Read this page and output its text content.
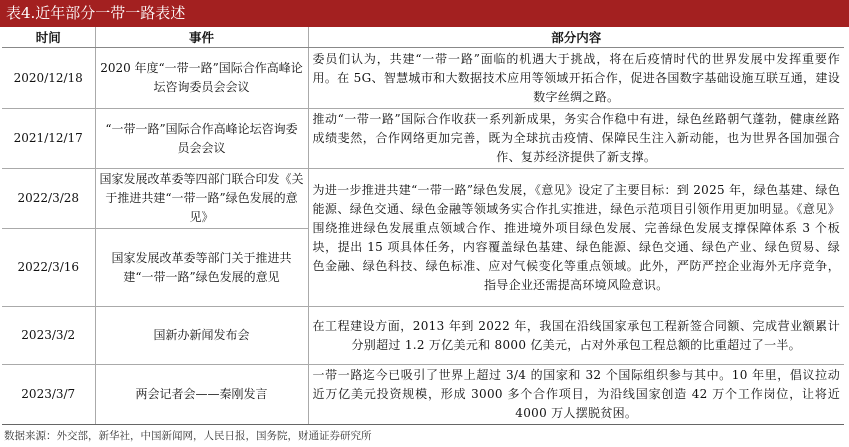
表4.近年部分一带一路表述
时间	事件	部分内容
2020/12/18	2020 年度“一带一路”国际合作高峰论坛咨询委员会会议	委员们认为，共建“一带一路”面临的机遇大于挑战，将在后疫情时代的世界发展中发挥重要作用。在 5G、智慧城市和大数据技术应用等领域开拓合作，促进各国数字基础设施互联互通，建设数字丝绸之路。
2021/12/17	“一带一路”国际合作高峰论坛咨询委员会会议	推动“一带一路”国际合作收获一系列新成果，务实合作稳中有进，绿色丝路朝气蓬勃，健康丝路成绩斐然，合作网络更加完善，既为全球抗击疫情、保障民生注入新动能，也为世界各国加强合作、复苏经济提供了新支撑。
2022/3/28	国家发展改革委等四部门联合印发《关于推进共建“一带一路”绿色发展的意见》	为进一步推进共建“一带一路”绿色发展，《意见》设定了主要目标：到 2025 年，绿色基建、绿色能源、绿色交通、绿色金融等领域务实合作扎实推进，绿色示范项目引领作用更加明显。《意见》围绕推进绿色发展重点领域合作、推进境外项目绿色发展、完善绿色发展支撑保障体系 3 个板块，提出 15 项具体任务，内容覆盖绿色基建、绿色能源、绿色交通、绿色产业、绿色贸易、绿色金融、绿色科技、绿色标准、应对气候变化等重点领域。此外，严防严控企业海外无序竞争，指导企业还需提高环境风险意识。
2022/3/16	国家发展改革委等部门关于推进共建“一带一路”绿色发展的意见	
2023/3/2	国新办新闻发布会	在工程建设方面，2013 年到 2022 年，我国在沿线国家承包工程新签合同额、完成营业额累计分别超过 1.2 万亿美元和 8000 亿美元，占对外承包工程总额的比重超过了一半。
2023/3/7	两会记者会——秦刚发言	一带一路迄今已吸引了世界上超过 3/4 的国家和 32 个国际组织参与其中。10 年里，倡议拉动近万亿美元投资规模，形成 3000 多个合作项目，为沿线国家创造 42 万个工作岗位，让将近 4000 万人摆脱贫困。
数据来源：外交部，新华社，中国新闻网，人民日报，国务院，财通证券研究所
